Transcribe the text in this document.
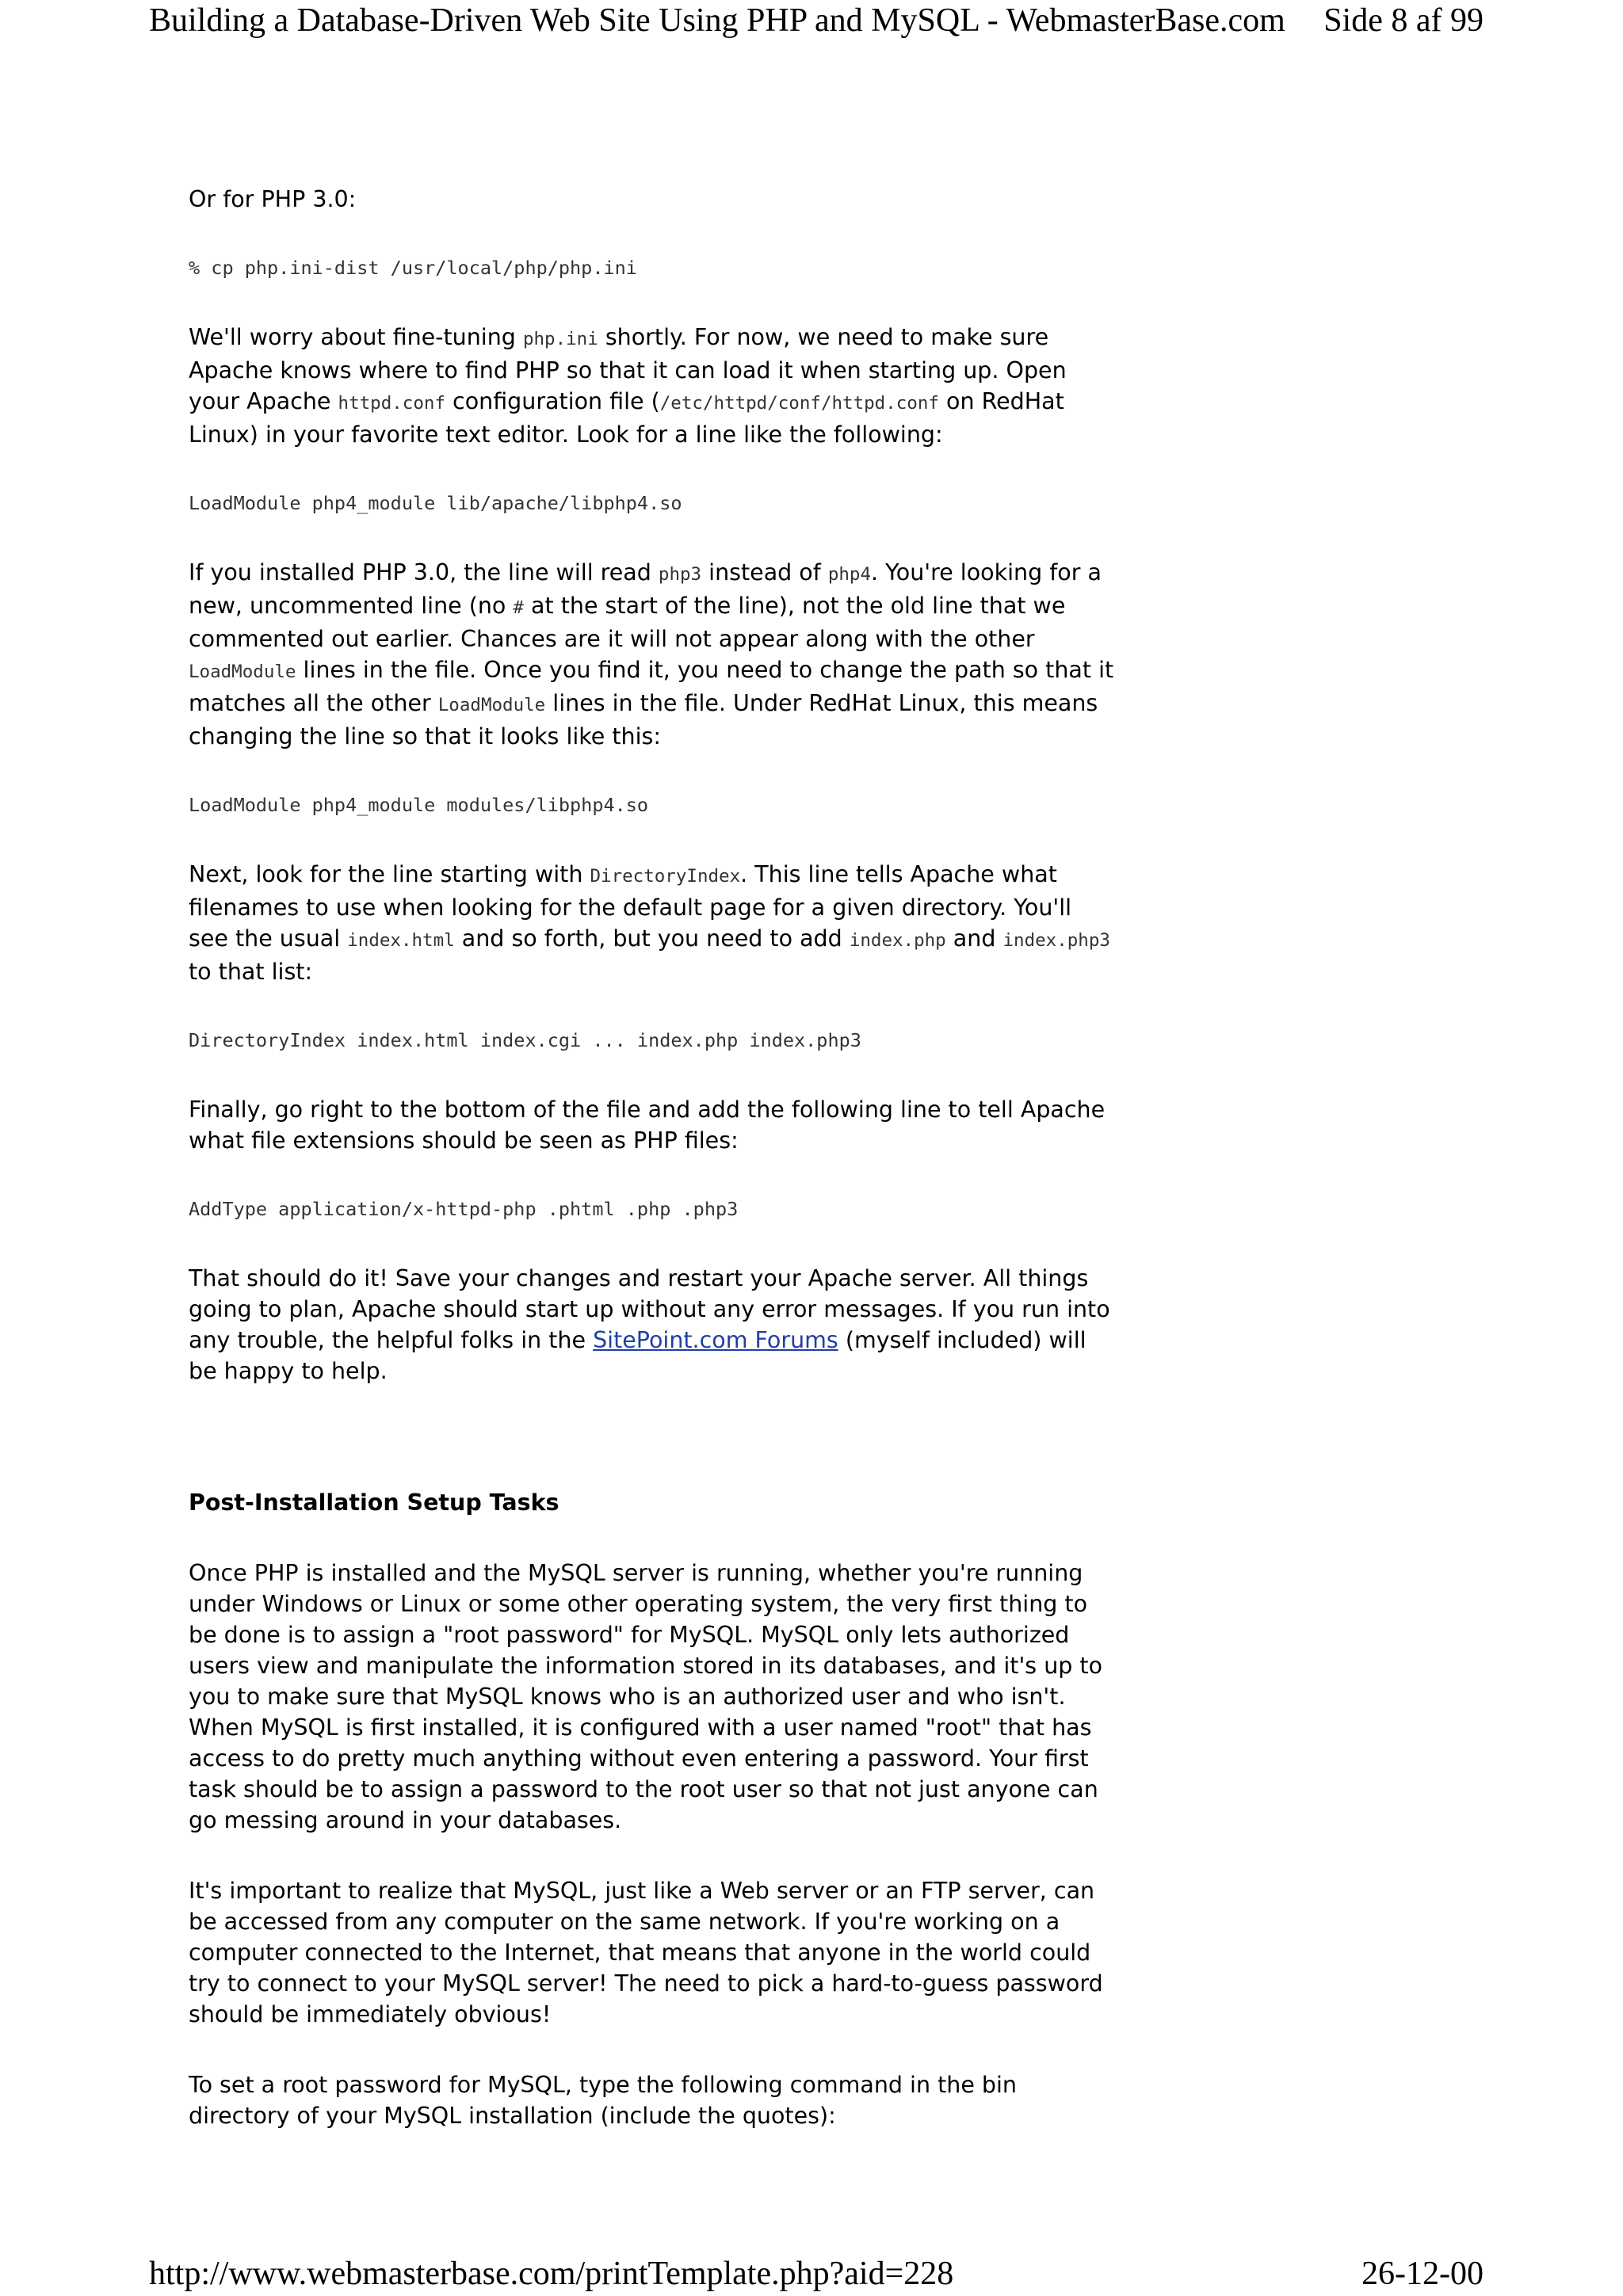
Building a Database-Driven Web Site Using PHP and MySQL - WebmasterBase.com Side 8 af 99

Or for PHP 3.0:

% cp php.ini-dist /usr/local/php/php.ini

We'll worry about fine-tuning php.ini shortly. For now, we need to make sure Apache knows where to find PHP so that it can load it when starting up. Open your Apache httpd.conf configuration file (/etc/httpd/conf/httpd.conf on RedHat Linux) in your favorite text editor. Look for a line like the following:

LoadModule php4_module lib/apache/libphp4.so

If you installed PHP 3.0, the line will read php3 instead of php4. You're looking for a new, uncommented line (no # at the start of the line), not the old line that we commented out earlier. Chances are it will not appear along with the other LoadModule lines in the file. Once you find it, you need to change the path so that it matches all the other LoadModule lines in the file. Under RedHat Linux, this means changing the line so that it looks like this:

LoadModule php4_module modules/libphp4.so

Next, look for the line starting with DirectoryIndex. This line tells Apache what filenames to use when looking for the default page for a given directory. You'll see the usual index.html and so forth, but you need to add index.php and index.php3 to that list:

DirectoryIndex index.html index.cgi ... index.php index.php3

Finally, go right to the bottom of the file and add the following line to tell Apache what file extensions should be seen as PHP files:

AddType application/x-httpd-php .phtml .php .php3

That should do it! Save your changes and restart your Apache server. All things going to plan, Apache should start up without any error messages. If you run into any trouble, the helpful folks in the SitePoint.com Forums (myself included) will be happy to help.

Post-Installation Setup Tasks

Once PHP is installed and the MySQL server is running, whether you're running under Windows or Linux or some other operating system, the very first thing to be done is to assign a "root password" for MySQL. MySQL only lets authorized users view and manipulate the information stored in its databases, and it's up to you to make sure that MySQL knows who is an authorized user and who isn't. When MySQL is first installed, it is configured with a user named "root" that has access to do pretty much anything without even entering a password. Your first task should be to assign a password to the root user so that not just anyone can go messing around in your databases.

It's important to realize that MySQL, just like a Web server or an FTP server, can be accessed from any computer on the same network. If you're working on a computer connected to the Internet, that means that anyone in the world could try to connect to your MySQL server! The need to pick a hard-to-guess password should be immediately obvious!

To set a root password for MySQL, type the following command in the bin directory of your MySQL installation (include the quotes):

http://www.webmasterbase.com/printTemplate.php?aid=228	26-12-00
